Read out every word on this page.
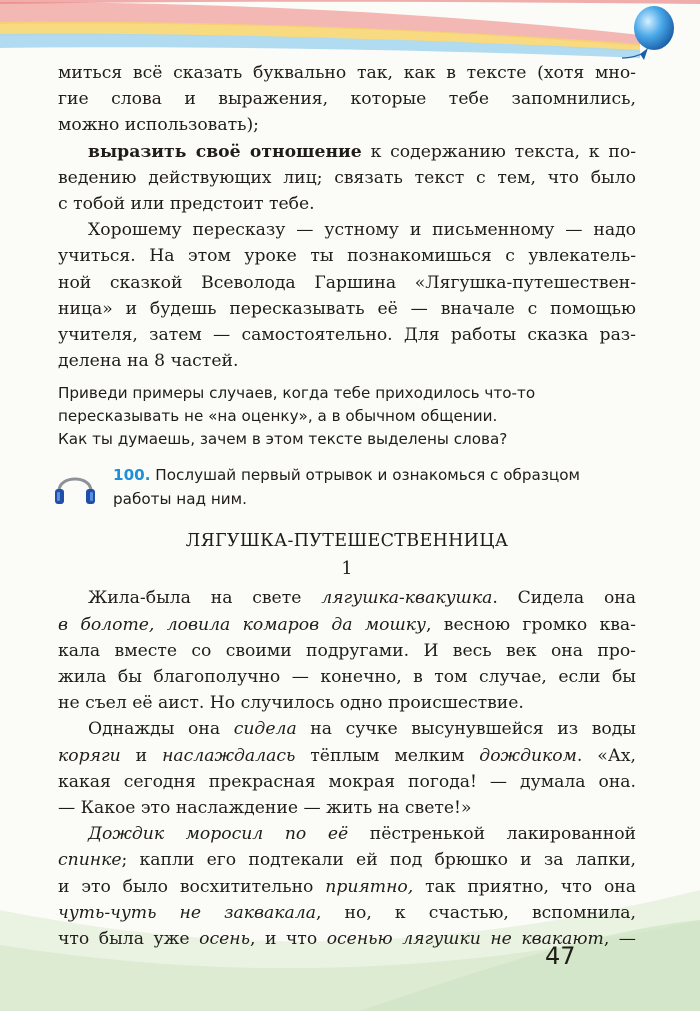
миться всё сказать буквально так, как в тексте (хотя мно-

гие слова и выражения, которые тебе запомнились,

можно использовать);

выразить своё отношение к содержанию текста, к по-

ведению действующих лиц; связать текст с тем, что было

с тобой или предстоит тебе.

Хорошему пересказу — устному и письменному — надо

учиться. На этом уроке ты познакомишься с увлекатель-

ной сказкой Всеволода Гаршина «Лягушка-путешествен-

ница» и будешь пересказывать её — вначале с помощью

учителя, затем — самостоятельно. Для работы сказка раз-

делена на 8 частей.

Приведи примеры случаев, когда тебе приходилось что-то

пересказывать не «на оценку», а в обычном общении.

Как ты думаешь, зачем в этом тексте выделены слова?

100. Послушай первый отрывок и ознакомься с образцом
работы над ним.
ЛЯГУШКА-ПУТЕШЕСТВЕННИЦА
1

Жила-была на свете лягушка-квакушка. Сидела она

в болоте, ловила комаров да мошку, весною громко ква-

кала вместе со своими подругами. И весь век она про-

жила бы благополучно — конечно, в том случае, если бы

не съел её аист. Но случилось одно происшествие.

Однажды она сидела на сучке высунувшейся из воды

коряги и наслаждалась тёплым мелким дождиком. «Ах,

какая сегодня прекрасная мокрая погода! — думала она.

— Какое это наслаждение — жить на свете!»

Дождик моросил по её пёстренькой лакированной

спинке; капли его подтекали ей под брюшко и за лапки,

и это было восхитительно приятно, так приятно, что она

чуть-чуть не заквакала, но, к счастью, вспомнила,

что была уже осень, и что осенью лягушки не квакают, —

47
